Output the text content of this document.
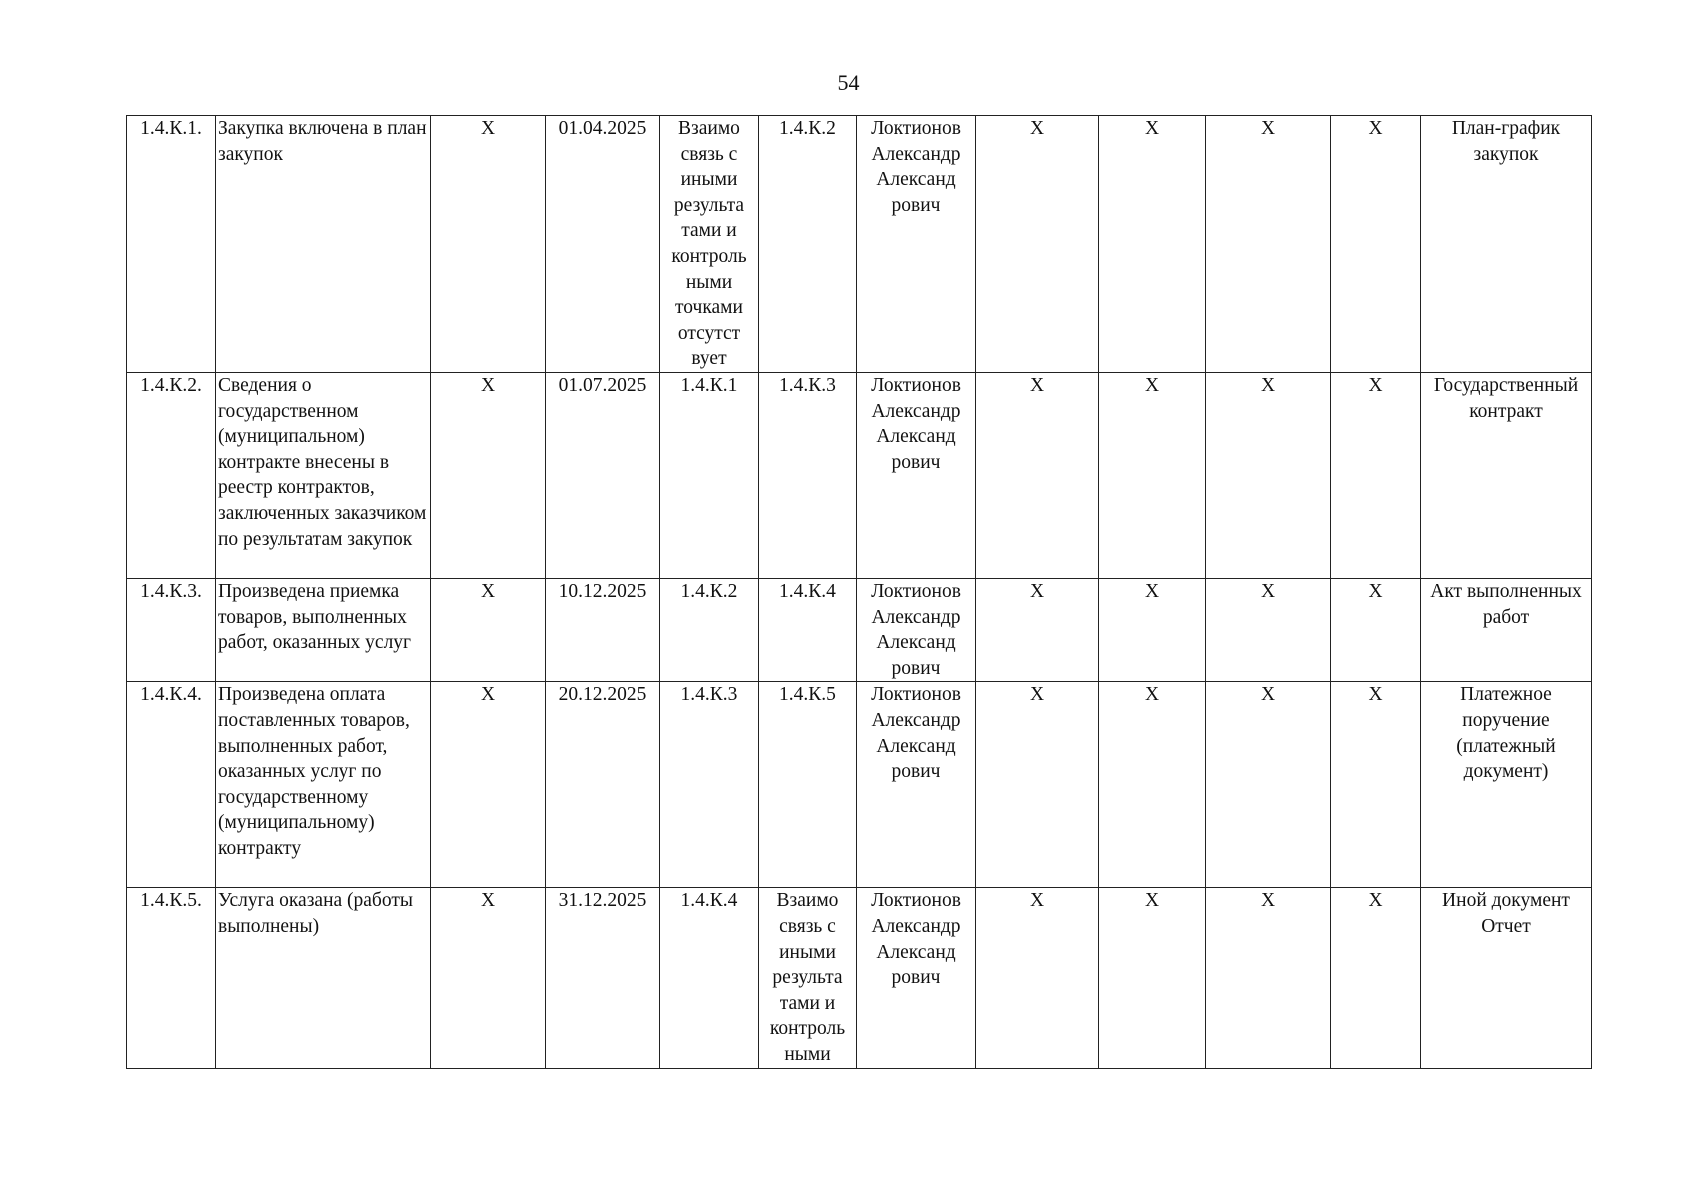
54
1.4.К.1.	Закупка включена в план закупок	Х	01.04.2025	Взаимо связь с иными результа тами и контроль ными точками отсутст вует	1.4.К.2	Локтионов Александр Александ рович	Х	Х	Х	Х	План-график закупок
1.4.К.2.	Сведения о государственном (муниципальном) контракте внесены в реестр контрактов, заключенных заказчиком по результатам закупок	Х	01.07.2025	1.4.К.1	1.4.К.3	Локтионов Александр Александ рович	Х	Х	Х	Х	Государственный контракт
1.4.К.3.	Произведена приемка товаров, выполненных работ, оказанных услуг	Х	10.12.2025	1.4.К.2	1.4.К.4	Локтионов Александр Александ рович	Х	Х	Х	Х	Акт выполненных работ
1.4.К.4.	Произведена оплата поставленных товаров, выполненных работ, оказанных услуг по государственному (муниципальному) контракту	Х	20.12.2025	1.4.К.3	1.4.К.5	Локтионов Александр Александ рович	Х	Х	Х	Х	Платежное поручение (платежный документ)
1.4.К.5.	Услуга оказана (работы выполнены)	Х	31.12.2025	1.4.К.4	Взаимо связь с иными результа тами и контроль ными	Локтионов Александр Александ рович	Х	Х	Х	Х	Иной документ Отчет
